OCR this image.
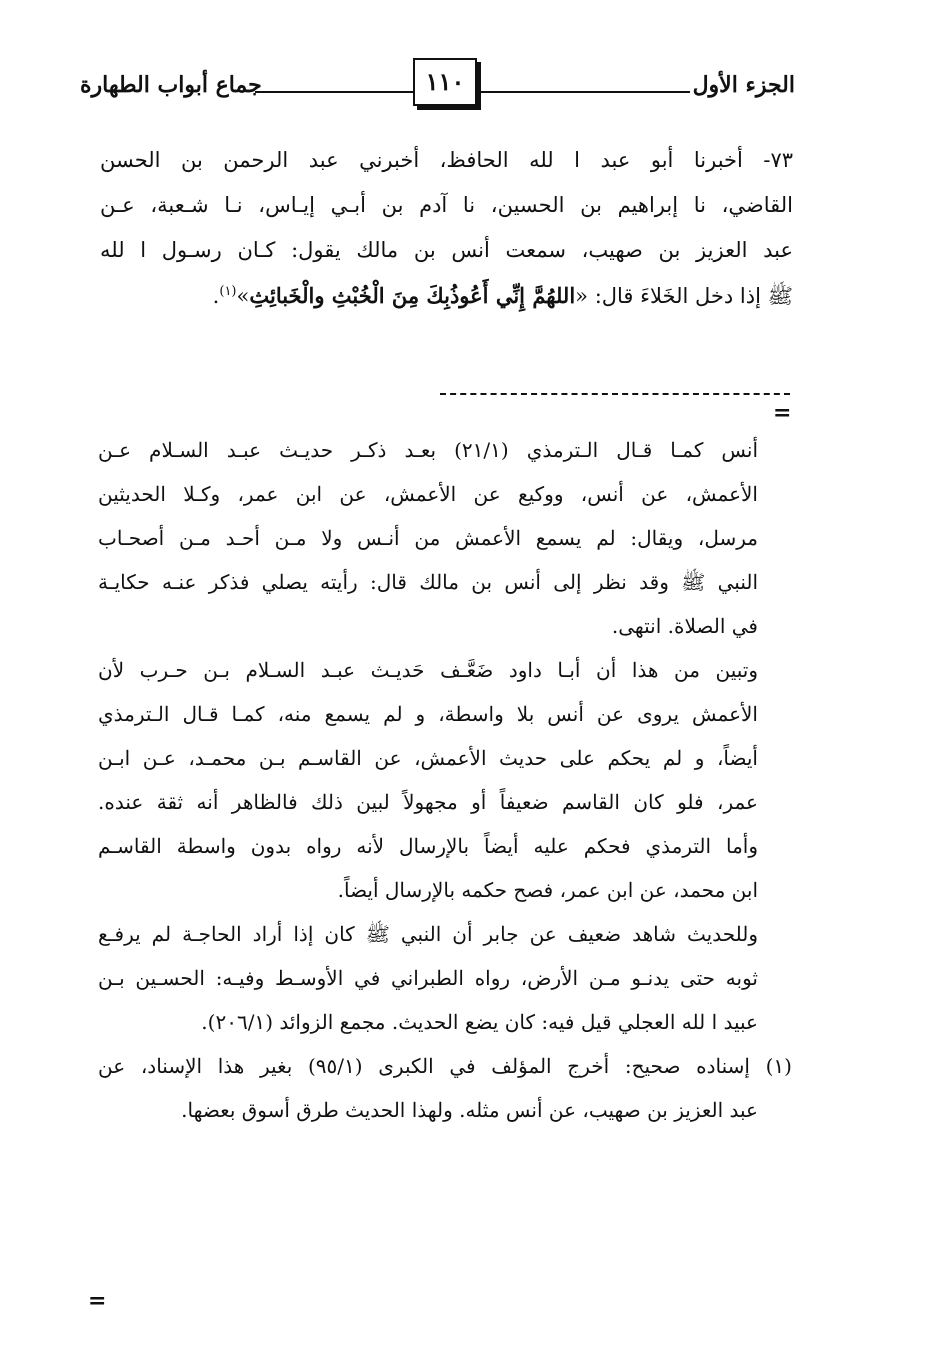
الجزء الأول
١١٠
جماع أبواب الطهارة
٧٣- أخبرنا أبو عبد ا لله الحافظ، أخبرني عبد الرحمن بن الحسن
القاضي، نا إبراهيم بن الحسين، نا آدم بن أبـي إيـاس، نـا شـعبة، عـن
عبد العزيز بن صهيب، سمعت أنس بن مالك يقول: كـان رسـول ا لله
ﷺ إذا دخل الخَلاءَ قال: «اللهُمَّ إِنِّي أَعُوذُبِكَ مِنَ الْخُبْثِ والْخَبائِثِ»$^{(١)}$.
=
أنس كمـا قـال الـترمذي (٢١/١) بعـد ذكـر حديـث عبـد السـلام عـن
الأعمش، عن أنس، ووكيع عن الأعمش، عن ابن عمر، وكـلا الحديثين
مرسل، ويقال: لم يسمع الأعمش من أنـس ولا مـن أحـد مـن أصحـاب
النبي ﷺ وقد نظر إلى أنس بن مالك قال: رأيته يصلي فذكر عنـه حكايـة
في الصلاة. انتهى.
وتبين من هذا أن أبـا داود ضَعَّـف حَديـث عبـد السـلام بـن حـرب لأن
الأعمش يروى عن أنس بلا واسطة، و لم يسمع منه، كمـا قـال الـترمذي
أيضاً، و لم يحكم على حديث الأعمش، عن القاسـم بـن محمـد، عـن ابـن
عمر، فلو كان القاسم ضعيفاً أو مجهولاً لبين ذلك فالظاهر أنه ثقة عنده.
وأما الترمذي فحكم عليه أيضاً بالإرسال لأنه رواه بدون واسطة القاسـم
ابن محمد، عن ابن عمر، فصح حكمه بالإرسال أيضاً.
وللحديث شاهد ضعيف عن جابر أن النبي ﷺ كان إذا أراد الحاجـة لم يرفـع
ثوبه حتى يدنـو مـن الأرض، رواه الطبراني في الأوسـط وفيـه: الحسـين بـن
عبيد ا لله العجلي قيل فيه: كان يضع الحديث. مجمع الزوائد (٢٠٦/١).
(١) إسناده صحيح: أخرج المؤلف في الكبرى (٩٥/١) بغير هذا الإسناد، عن
عبد العزيز بن صهيب، عن أنس مثله. ولهذا الحديث طرق أسوق بعضها.
=
